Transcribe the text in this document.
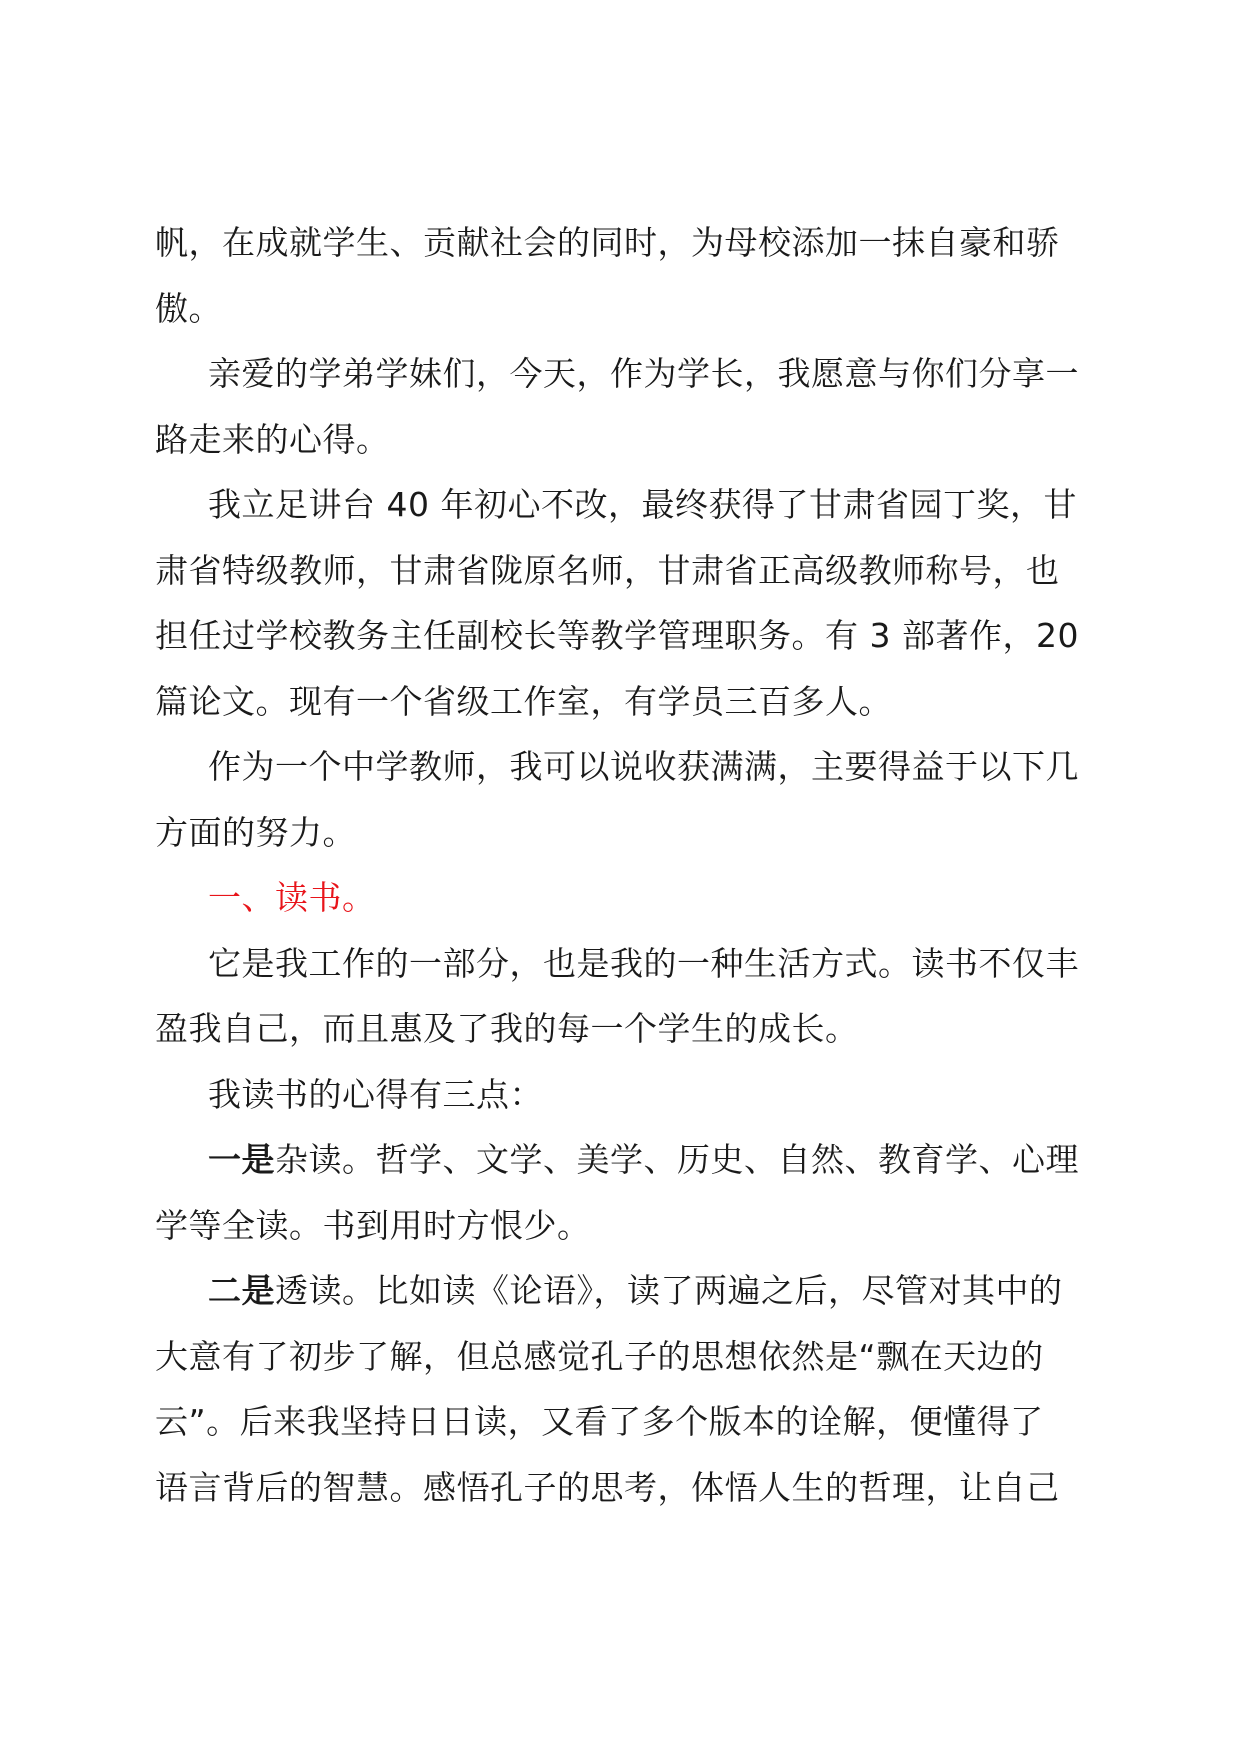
帆，在成就学生、贡献社会的同时，为母校添加一抹自豪和骄
傲。
亲爱的学弟学妹们，今天，作为学长，我愿意与你们分享一
路走来的心得。
我立足讲台 40 年初心不改，最终获得了甘肃省园丁奖，甘
肃省特级教师，甘肃省陇原名师，甘肃省正高级教师称号，也
担任过学校教务主任副校长等教学管理职务。有 3 部著作，20
篇论文。现有一个省级工作室，有学员三百多人。
作为一个中学教师，我可以说收获满满，主要得益于以下几
方面的努力。
一、读书。
它是我工作的一部分，也是我的一种生活方式。读书不仅丰
盈我自己，而且惠及了我的每一个学生的成长。
我读书的心得有三点：
一是杂读。哲学、文学、美学、历史、自然、教育学、心理
学等全读。书到用时方恨少。
二是透读。比如读《论语》，读了两遍之后，尽管对其中的
大意有了初步了解，但总感觉孔子的思想依然是“飘在天边的
云”。后来我坚持日日读，又看了多个版本的诠解，便懂得了
语言背后的智慧。感悟孔子的思考，体悟人生的哲理，让自己
